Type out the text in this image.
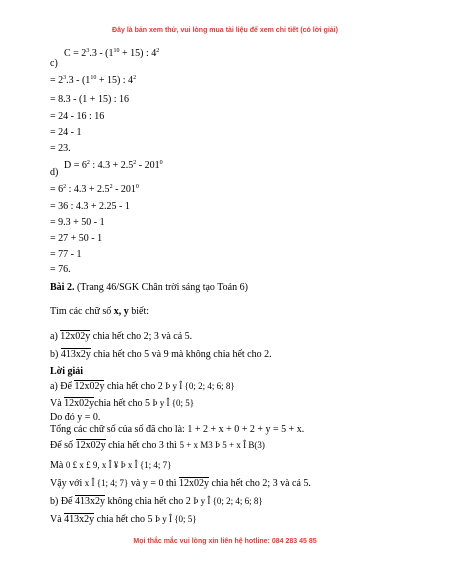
Đây là bản xem thử, vui lòng mua tài liệu để xem chi tiết (có lời giải)
c)
$C = 2^3.3 - (1^{10} + 15)$ : $4^2$
= $2^3.3 - (1^{10} + 15)$ : $4^2$
= 8.3 - (1 + 15) : 16
= 24 - 16 : 16
= 24 - 1
= 23.
d)
$D = 6^2$ : $4.3 + 2.5^2 - 201^0$
= $6^2$ : $4.3 + 2.5^2 - 201^0$
= 36 : 4.3 + 2.25 - 1
= 9.3 + 50 - 1
= 27 + 50 - 1
= 77 - 1
= 76.
Bài 2. (Trang 46/SGK Chân trời sáng tạo Toán 6)
Tìm các chữ số x, y biết:
a) 12x02y chia hết cho 2; 3 và cả 5.
b) 413x2y chia hết cho 5 và 9 mà không chia hết cho 2.
Lời giải
a) Để 12x02y chia hết cho 2 Þ y Î {0; 2; 4; 6; 8}
Và 12x02ychia hết cho 5 Þ y Î {0; 5}
Do đó y = 0.
Tổng các chữ số của số đã cho là: 1 + 2 + x + 0 + 2 + y = 5 + x.
Để số 12x02y chia hết cho 3 thì 5 + x M3 Þ 5 + x Î B(3)
Mà 0 £ x £ 9, x Î ¥ Þ x Î {1; 4; 7}
Vậy với x Î {1; 4; 7} và y = 0 thì 12x02y chia hết cho 2; 3 và cả 5.
b) Để 413x2y không chia hết cho 2 Þ y Î {0; 2; 4; 6; 8}
Và 413x2y chia hết cho 5 Þ y Î {0; 5}
Mọi thắc mắc vui lòng xin liên hệ hotline: 084 283 45 85
